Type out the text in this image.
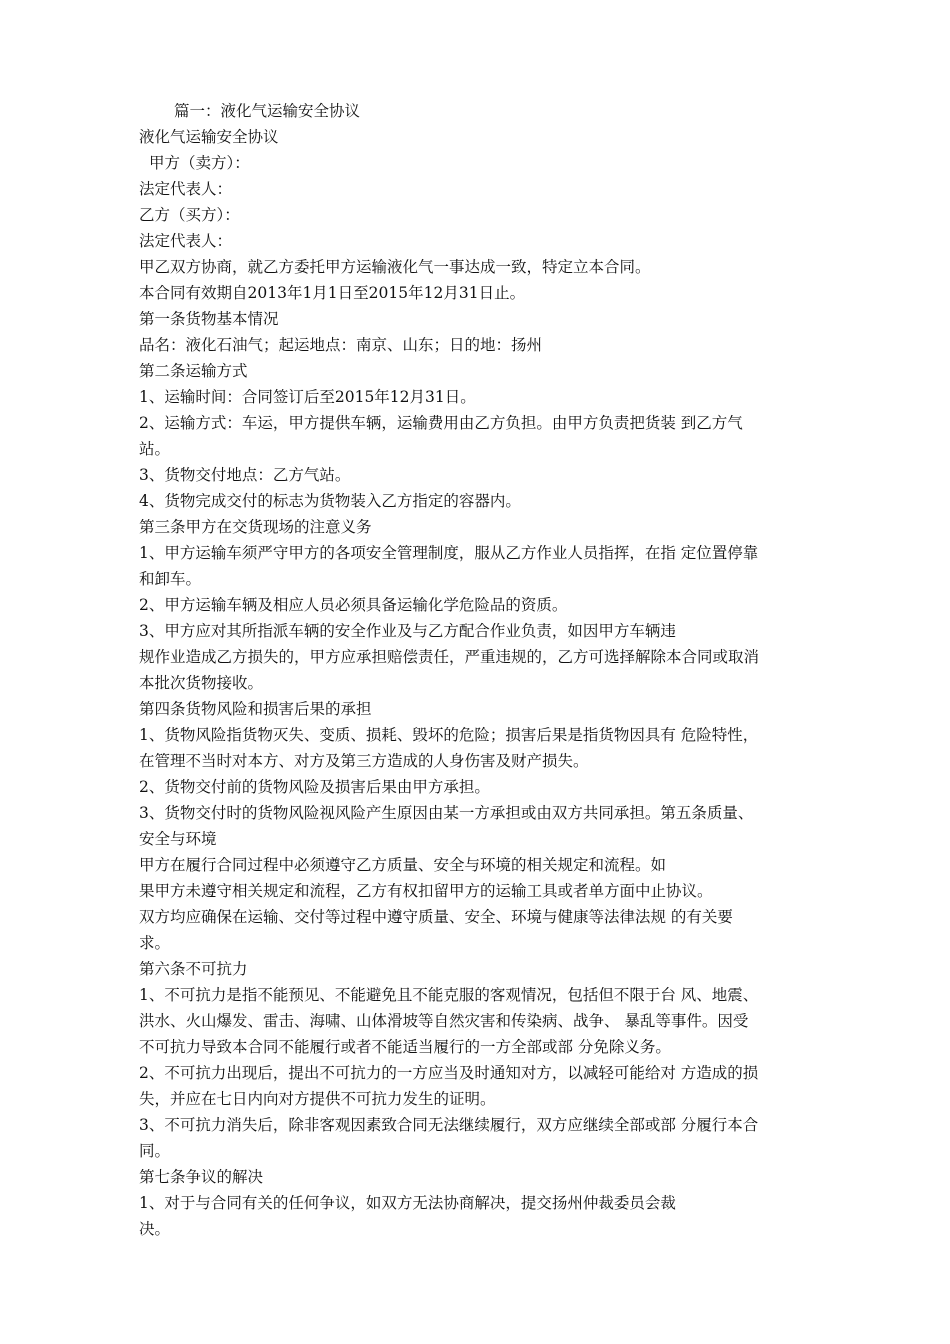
篇一：液化气运输安全协议
液化气运输安全协议
甲方（卖方）：
法定代表人：
乙方（买方）：
法定代表人：
甲乙双方协商，就乙方委托甲方运输液化气一事达成一致，特定立本合同。
本合同有效期自2013年1月1日至2015年12月31日止。
第一条货物基本情况
品名：液化石油气；起运地点：南京、山东；日的地：扬州
第二条运输方式
1、运输时间：合同签订后至2015年12月31日。
2、运输方式：车运，甲方提供车辆，运输费用由乙方负担。由甲方负责把货装 到乙方气
站。
3、货物交付地点：乙方气站。
4、货物完成交付的标志为货物装入乙方指定的容器内。
第三条甲方在交货现场的注意义务
1、甲方运输车须严守甲方的各项安全管理制度，服从乙方作业人员指挥，在指 定位置停靠
和卸车。
2、甲方运输车辆及相应人员必须具备运输化学危险品的资质。
3、甲方应对其所指派车辆的安全作业及与乙方配合作业负责，如因甲方车辆违
规作业造成乙方损失的，甲方应承担赔偿责任，严重违规的，乙方可选择解除本合同或取消
本批次货物接收。
第四条货物风险和损害后果的承担
1、货物风险指货物灭失、变质、损耗、毁坏的危险；损害后果是指货物因具有 危险特性，
在管理不当时对本方、对方及第三方造成的人身伤害及财产损失。
2、货物交付前的货物风险及损害后果由甲方承担。
3、货物交付时的货物风险视风险产生原因由某一方承担或由双方共同承担。第五条质量、
安全与环境
甲方在履行合同过程中必须遵守乙方质量、安全与环境的相关规定和流程。如
果甲方未遵守相关规定和流程，乙方有权扣留甲方的运输工具或者单方面中止协议。
双方均应确保在运输、交付等过程中遵守质量、安全、环境与健康等法律法规 的有关要
求。
第六条不可抗力
1、不可抗力是指不能预见、不能避免且不能克服的客观情况，包括但不限于台 风、地震、
洪水、火山爆发、雷击、海啸、山体滑坡等自然灾害和传染病、战争、 暴乱等事件。因受
不可抗力导致本合同不能履行或者不能适当履行的一方全部或部 分免除义务。
2、不可抗力出现后，提出不可抗力的一方应当及时通知对方，以减轻可能给对 方造成的损
失，并应在七日内向对方提供不可抗力发生的证明。
3、不可抗力消失后，除非客观因素致合同无法继续履行，双方应继续全部或部 分履行本合
同。
第七条争议的解决
1、对于与合同有关的任何争议，如双方无法协商解决，提交扬州仲裁委员会裁
决。
